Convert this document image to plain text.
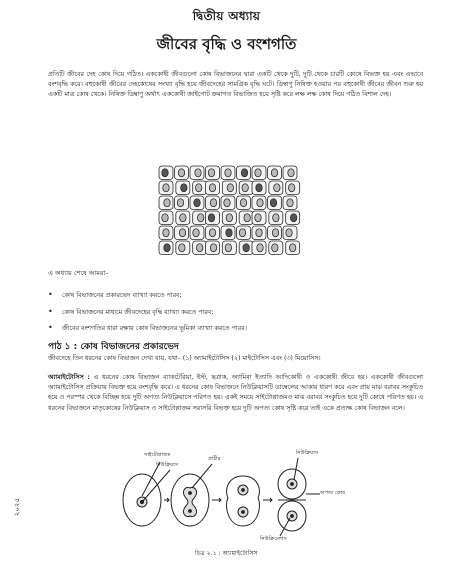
দ্বিতীয় অধ্যায়
জীবের বৃদ্ধি ও বংশগতি

প্রতিটি জীবের দেহ কোষ দিয়ে গঠিত। এককোষী জীবগুলো কোষ বিভাজনের দ্বারা একটি থেকে দুটি, দুটি থেকে চারটি কোষে বিভক্ত হয় এবং এভাবে বংশবৃদ্ধি করে। বহুকোষী জীবের দেহকোষের সংখ্যা বৃদ্ধি হয়ে জীবদেহের সামগ্রিক বৃদ্ধি ঘটে। ডিম্বাণু নিষিক্ত হওয়ার পর বহুকোষী জীবের জীবন শুরু হয় একটি মাত্র কোষ থেকে। নিষিক্ত ডিম্বাণু অর্থাৎ এককোষী জাইগোট ক্রমাগত বিভাজিত হয়ে সৃষ্টি করে লক্ষ লক্ষ কোষ দিয়ে গঠিত বিশাল দেহ।

এ অধ্যায় শেষে আমরা–
• কোষ বিভাজনের প্রকারভেদ ব্যাখ্যা করতে পারব;
• কোষ বিভাজনের মাধ্যমে জীবদেহের বৃদ্ধি ব্যাখ্যা করতে পারব;
• জীবের বংশগতির ধারা রক্ষায় কোষ বিভাজনের ভূমিকা ব্যাখ্যা করতে পারব।
পাঠ ১ : কোষ বিভাজনের প্রকারভেদ

জীবদেহে তিন ধরনের কোষ বিভাজন দেখা যায়, যথা– (১) অ্যামাইটোসিস (২) মাইটোসিস এবং (৩) মিয়োসিস।

অ্যামাইটোসিস : এ ধরনের কোষ বিভাজন ব্যাকটেরিয়া, ইস্ট, ছত্রাক, অ্যামিবা ইত্যাদি আদিকোষী ও এককোষী জীবে হয়। এককোষী জীবগুলো অ্যামাইটোসিস প্রক্রিয়ায় বিভক্ত হয়ে বংশবৃদ্ধি করে। এ ধরনের কোষ বিভাজনে নিউক্লিয়াসটি ডাম্বেলের আকার ধারণ করে এবং প্রায় মাঝ বরাবর সংকুচিত হয়ে ও পরস্পর থেকে বিচ্ছিন্ন হয়ে দুটি অপত্য নিউক্লিয়াসে পরিণত হয়। একই সময়ে সাইটোপ্লাজমও মাঝ বরাবর সংকুচিত হয়ে দুটি কোষে পরিণত হয়। এ ধরনের বিভাজনে মাতৃকোষের নিউক্লিয়াস ও সাইটোপ্লাজম সরাসরি বিভক্ত হয়ে দুটি অপত্য কোষ সৃষ্টি করে তাই একে প্রত্যক্ষ কোষ বিভাজন বলে।

সাইটোপ্লাজম
নিউক্লিয়াস
প্রাচীর
নিউক্লিয়াস
অপত্য কোষ
নিউক্লিওলাস
চিত্র ২.১ : অ্যামাইটোসিস
২০২৫
